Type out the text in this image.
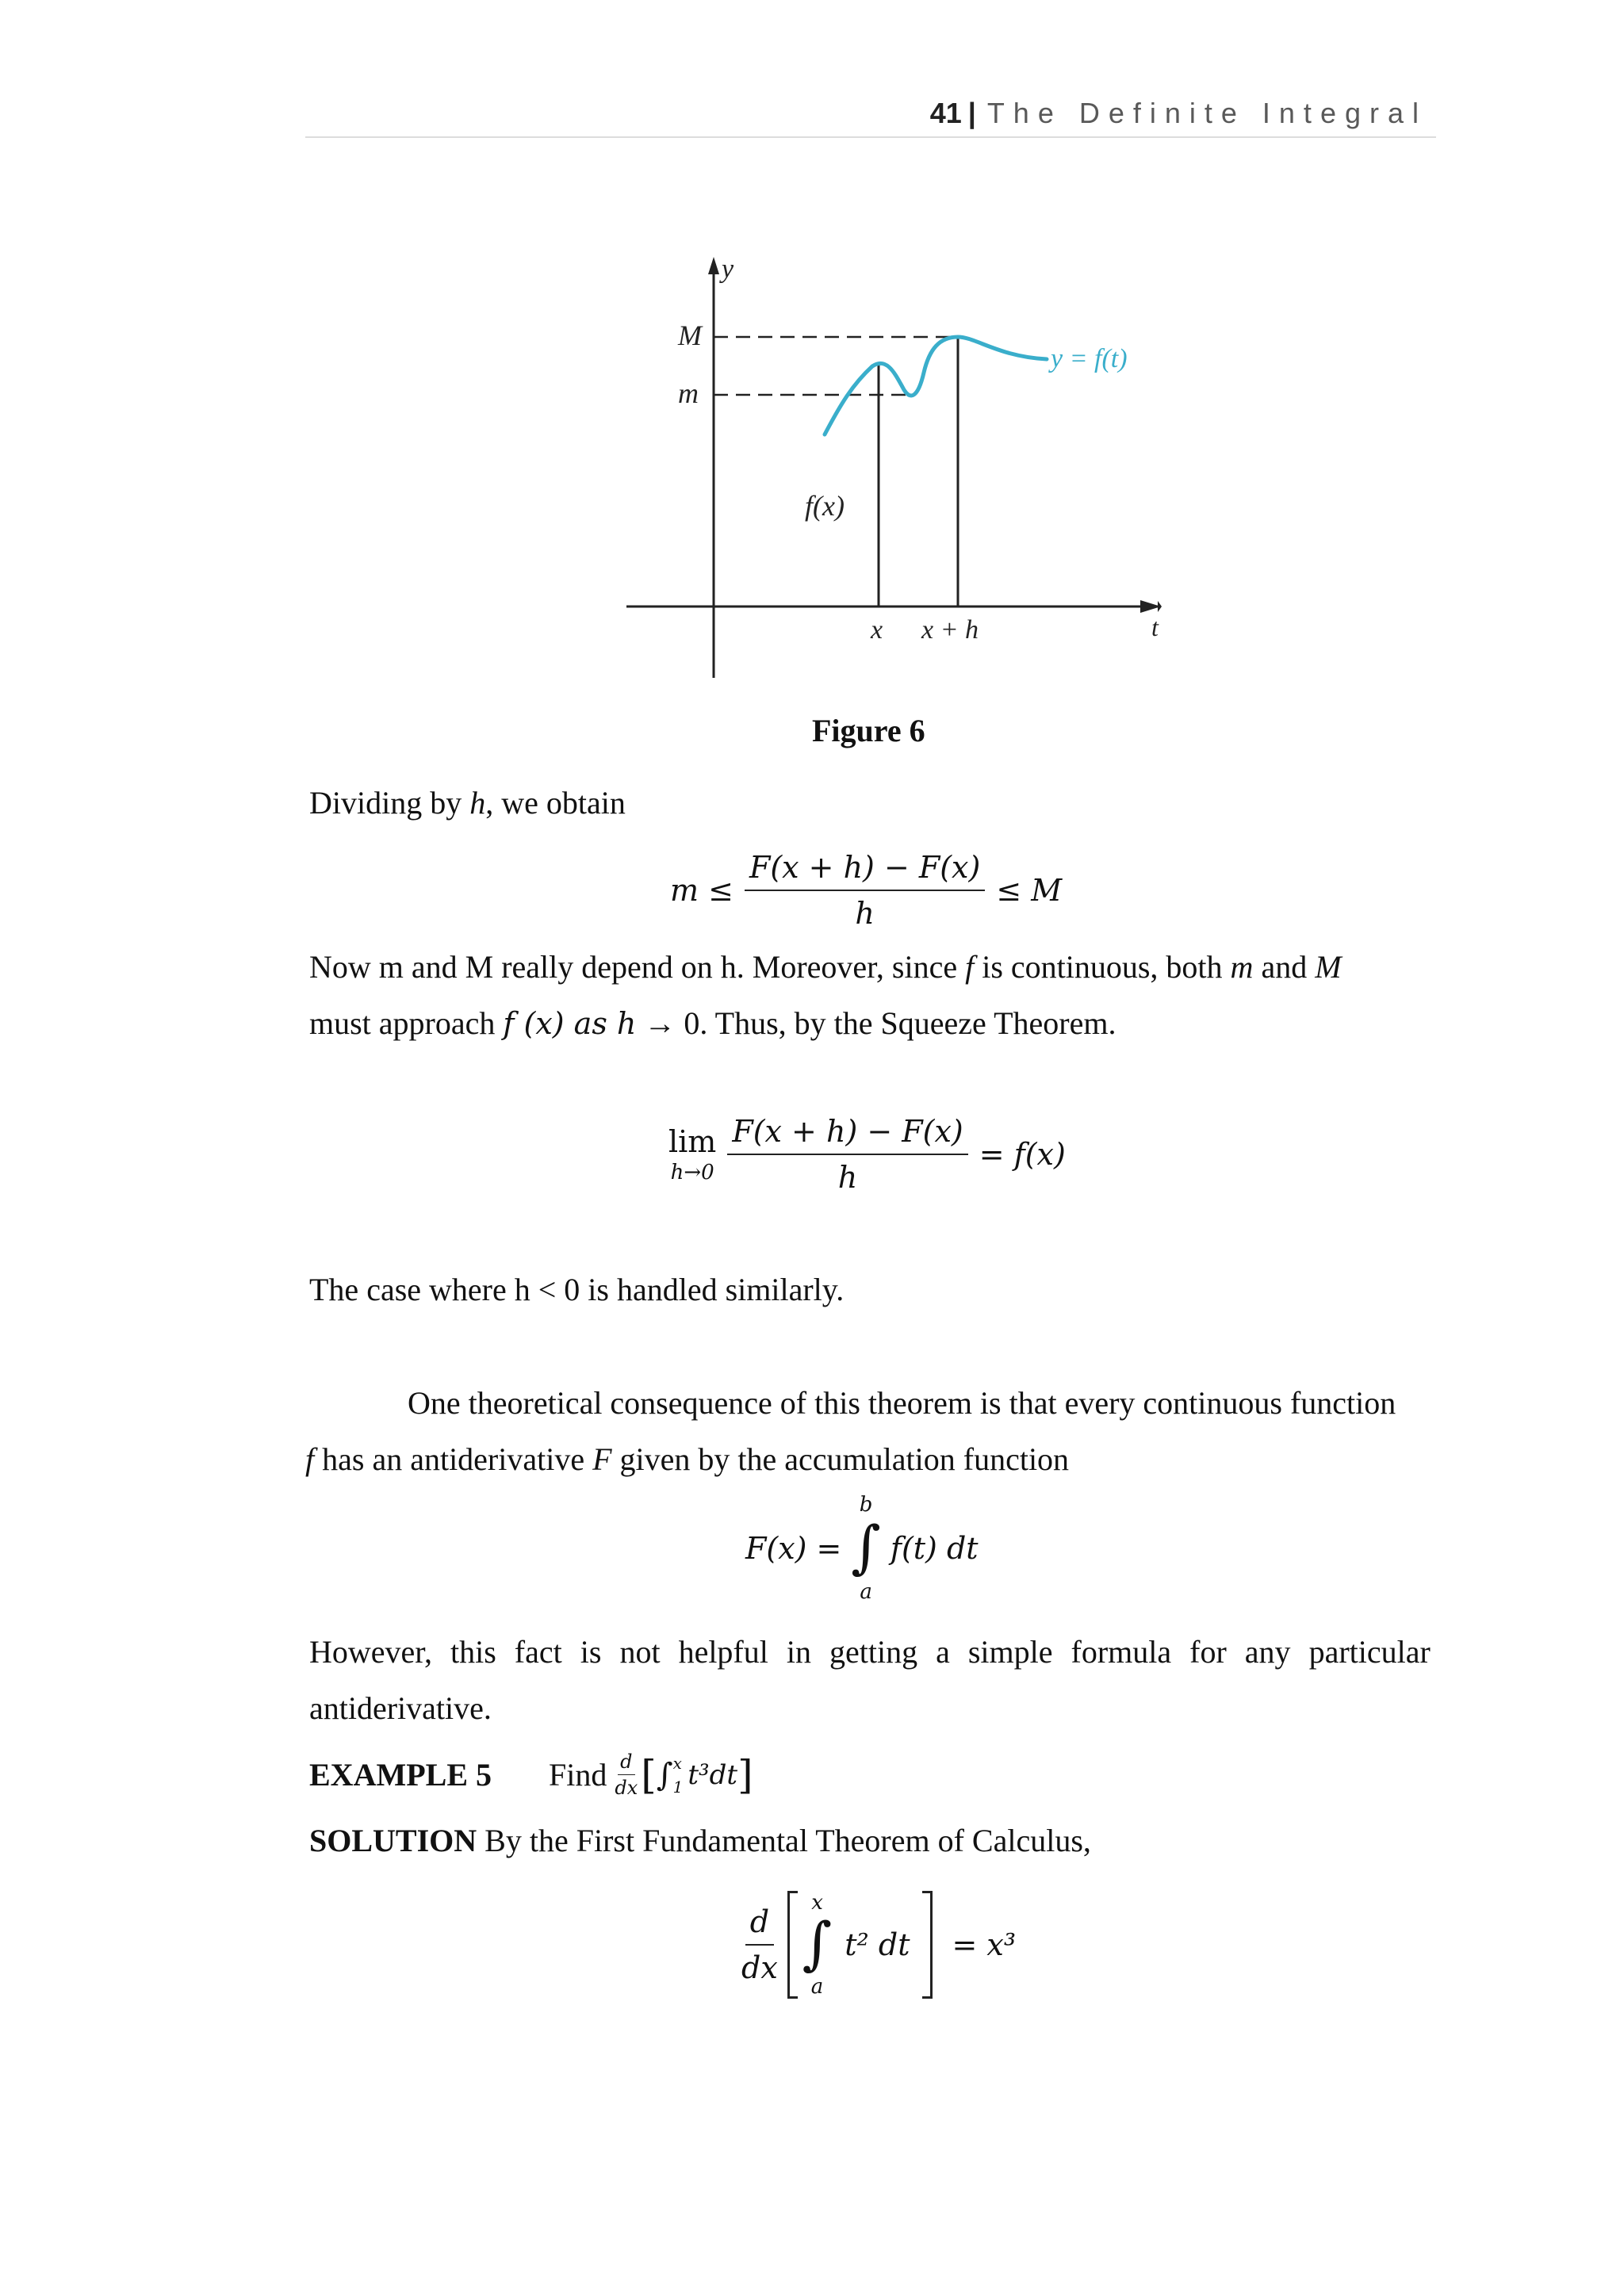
41 | The Definite Integral
y
M
m
y = f(t)
f(x)
x x + h	t
Figure 6
Dividing by h, we obtain
$m \le \frac{F(x + h) - F(x)}{h} \le M$
Now m and M really depend on h. Moreover, since f is continuous, both m and M
must approach f (x) as h → 0. Thus, by the Squeeze Theorem.
lim
$h\to 0 \frac{F(x + h) - F(x)}{h} = f(x)$
The case where h < 0 is handled similarly.
One theoretical consequence of this theorem is that every continuous function
f has an antiderivative F given by the accumulation function
F(x) =
b
∫
a
f(t) dt
However, this fact is not helpful in getting a simple formula for any particular
antiderivative.
EXAMPLE 5 Find $\frac{d}{dx}$ [ ∫ x
1 t³dt ]
SOLUTION By the First Fundamental Theorem of Calculus,
$\frac{d}{dx}$
x
∫
a
t² dt = x³
